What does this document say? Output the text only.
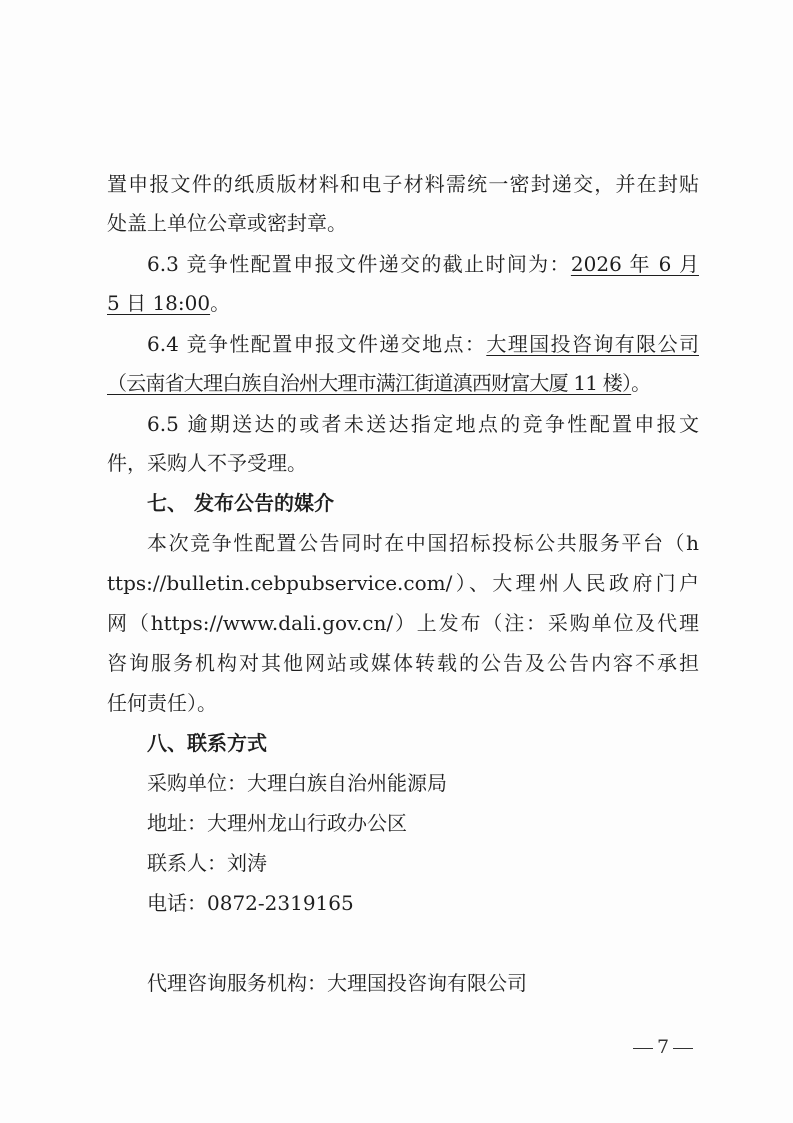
置申报文件的纸质版材料和电子材料需统一密封递交，并在封贴
处盖上单位公章或密封章。
6.3 竞争性配置申报文件递交的截止时间为：2026 年 6 月
5 日 18:00。
6.4 竞争性配置申报文件递交地点：大理国投咨询有限公司
（云南省大理白族自治州大理市满江街道滇西财富大厦 11 楼）。
6.5 逾期送达的或者未送达指定地点的竞争性配置申报文
件，采购人不予受理。
七、 发布公告的媒介
本次竞争性配置公告同时在中国招标投标公共服务平台（h
ttps://bulletin.cebpubservice.com/）、大理州人民政府门户
网（https://www.dali.gov.cn/）上发布（注：采购单位及代理
咨询服务机构对其他网站或媒体转载的公告及公告内容不承担
任何责任）。
八、联系方式
采购单位：大理白族自治州能源局
地址：大理州龙山行政办公区
联系人：刘涛
电话：0872-2319165
代理咨询服务机构：大理国投咨询有限公司
7
